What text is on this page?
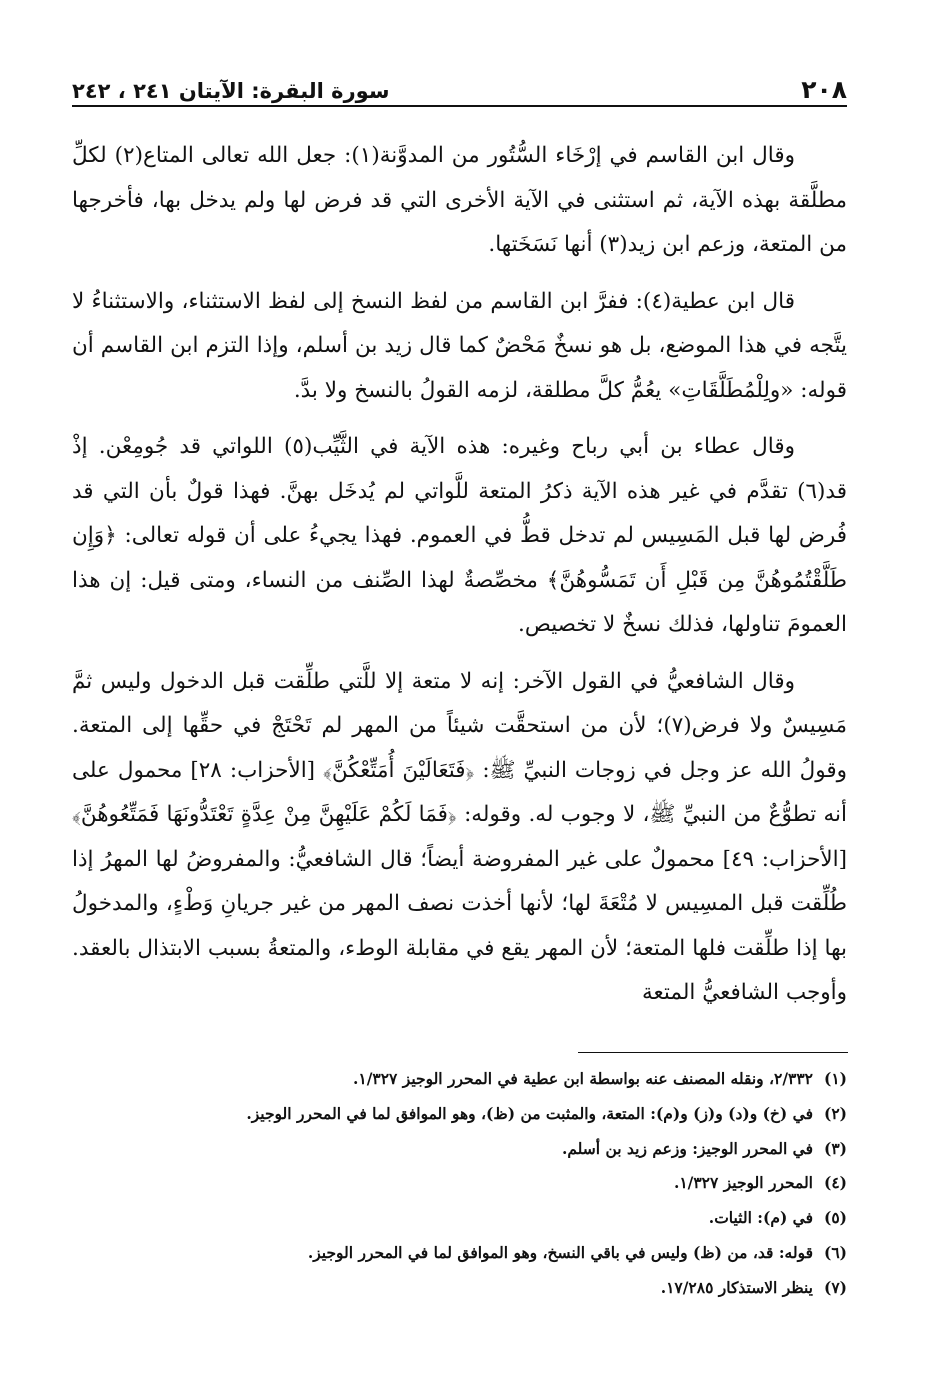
٢٠٨
سورة البقرة: الآيتان ٢٤١ ، ٢٤٢

وقال ابن القاسم في إرْخَاء السُّتُور من المدوَّنة(١): جعل الله تعالى المتاع(٢) لكلِّ مطلَّقة بهذه الآية، ثم استثنى في الآية الأخرى التي قد فرض لها ولم يدخل بها، فأخرجها من المتعة، وزعم ابن زيد(٣) أنها نَسَخَتها.

قال ابن عطية(٤): ففرَّ ابن القاسم من لفظ النسخ إلى لفظ الاستثناء، والاستثناءُ لا يتَّجه في هذا الموضع، بل هو نسخٌ مَحْضٌ كما قال زيد بن أسلم، وإذا التزم ابن القاسم أن قوله: «ولِلْمُطَلَّقَاتِ» يعُمُّ كلَّ مطلقة، لزمه القولُ بالنسخ ولا بدَّ.

وقال عطاء بن أبي رباح وغيره: هذه الآية في الثَّيِّب(٥) اللواتي قد جُومِعْن. إذْ قد(٦) تقدَّم في غير هذه الآية ذكرُ المتعة للَّواتي لم يُدخَل بهنَّ. فهذا قولٌ بأن التي قد فُرض لها قبل المَسِيس لم تدخل قطُّ في العموم. فهذا يجيءُ على أن قوله تعالى: ﴿وَإِن طَلَّقْتُمُوهُنَّ مِن قَبْلِ أَن تَمَسُّوهُنَّ﴾ مخصِّصةٌ لهذا الصِّنف من النساء، ومتى قيل: إن هذا العمومَ تناولها، فذلك نسخٌ لا تخصيص.

وقال الشافعيُّ في القول الآخر: إنه لا متعة إلا للَّتي طلِّقت قبل الدخول وليس ثمَّ مَسِيسٌ ولا فرض(٧)؛ لأن من استحقَّت شيئاً من المهر لم تَحْتَجْ في حقِّها إلى المتعة. وقولُ الله عز وجل في زوجات النبيِّ ﷺ: ﴿فَتَعَالَيْنَ أُمَتِّعْكُنَّ﴾ [الأحزاب: ٢٨] محمول على أنه تطوُّعٌ من النبيِّ ﷺ، لا وجوب له. وقوله: ﴿فَمَا لَكُمْ عَلَيْهِنَّ مِنْ عِدَّةٍ تَعْتَدُّونَهَا فَمَتِّعُوهُنَّ﴾ [الأحزاب: ٤٩] محمولٌ على غير المفروضة أيضاً؛ قال الشافعيُّ: والمفروضُ لها المهرُ إذا طُلِّقت قبل المسِيس لا مُتْعَةَ لها؛ لأنها أخذت نصف المهر من غير جريانِ وَطْءٍ، والمدخولُ بها إذا طلِّقت فلها المتعة؛ لأن المهر يقع في مقابلة الوطء، والمتعةُ بسبب الابتذال بالعقد. وأوجب الشافعيُّ المتعة

(١)
٢/٣٣٢، ونقله المصنف عنه بواسطة ابن عطية في المحرر الوجيز ١/٣٢٧.
(٢)
في (خ) و(د) و(ز) و(م): المتعة، والمثبت من (ظ)، وهو الموافق لما في المحرر الوجيز.
(٣)
في المحرر الوجيز: وزعم زيد بن أسلم.
(٤)
المحرر الوجيز ١/٣٢٧.
(٥)
في (م): الثيات.
(٦)
قوله: قد، من (ظ) وليس في باقي النسخ، وهو الموافق لما في المحرر الوجيز.
(٧)
ينظر الاستذكار ١٧/٢٨٥.
